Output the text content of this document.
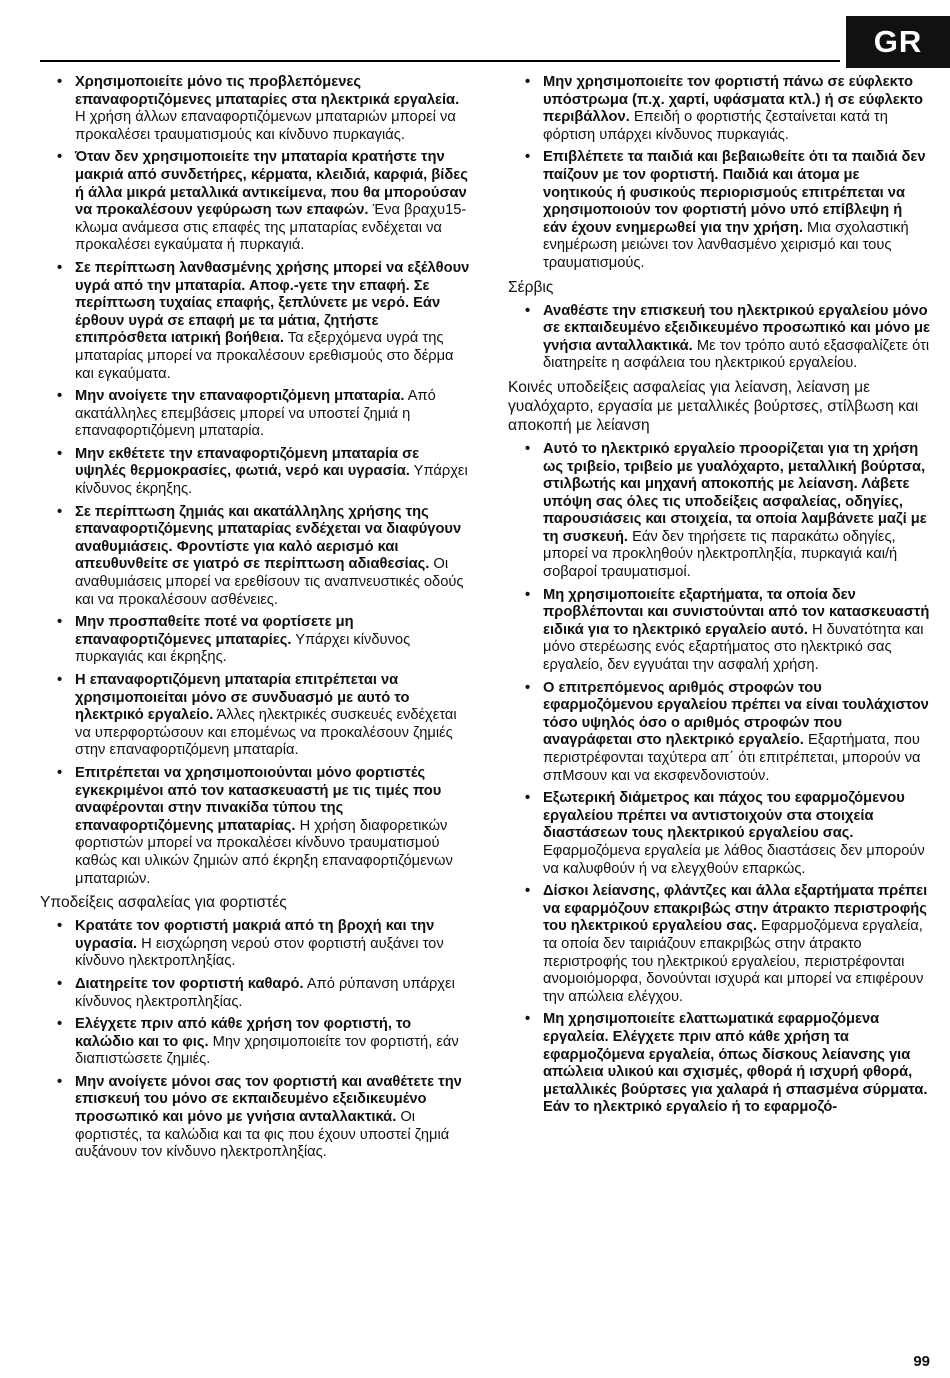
GR
• Χρησιμοποιείτε μόνο τις προβλεπόμενες επαναφορτιζόμενες μπαταρίες στα ηλεκτρικά εργαλεία. Η χρήση άλλων επαναφορτιζόμενων μπαταριών μπορεί να προκαλέσει τραυματισμούς και κίνδυνο πυρκαγιάς.
• Όταν δεν χρησιμοποιείτε την μπαταρία κρατήστε την μακριά από συνδετήρες, κέρματα, κλειδιά, καρφιά, βίδες ή άλλα μικρά μεταλλικά αντικείμενα, που θα μπορούσαν να προκαλέσουν γεφύρωση των επαφών. Ένα βραχυ15-κλωμα ανάμεσα στις επαφές της μπαταρίας ενδέχεται να προκαλέσει εγκαύματα ή πυρκαγιά.
• Σε περίπτωση λανθασμένης χρήσης μπορεί να εξέλθουν υγρά από την μπαταρία. Αποφ.-γετε την επαφή. Σε περίπτωση τυχαίας επαφής, ξεπλύνετε με νερό. Εάν έρθουν υγρά σε επαφή με τα μάτια, ζητήστε επιπρόσθετα ιατρική βοήθεια. Τα εξερχόμενα υγρά της μπαταρίας μπορεί να προκαλέσουν ερεθισμούς στο δέρμα και εγκαύματα.
• Μην ανοίγετε την επαναφορτιζόμενη μπαταρία. Από ακατάλληλες επεμβάσεις μπορεί να υποστεί ζημιά η επαναφορτιζόμενη μπαταρία.
• Μην εκθέτετε την επαναφορτιζόμενη μπαταρία σε υψηλές θερμοκρασίες, φωτιά, νερό και υγρασία. Υπάρχει κίνδυνος έκρηξης.
• Σε περίπτωση ζημιάς και ακατάλληλης χρήσης της επαναφορτιζόμενης μπαταρίας ενδέχεται να διαφύγουν αναθυμιάσεις. Φροντίστε για καλό αερισμό και απευθυνθείτε σε γιατρό σε περίπτωση αδιαθεσίας. Οι αναθυμιάσεις μπορεί να ερεθίσουν τις αναπνευστικές οδούς και να προκαλέσουν ασθένειες.
• Μην προσπαθείτε ποτέ να φορτίσετε μη επαναφορτιζόμενες μπαταρίες. Υπάρχει κίνδυνος πυρκαγιάς και έκρηξης.
• Η επαναφορτιζόμενη μπαταρία επιτρέπεται να χρησιμοποιείται μόνο σε συνδυασμό με αυτό το ηλεκτρικό εργαλείο. Άλλες ηλεκτρικές συσκευές ενδέχεται να υπερφορτώσουν και επομένως να προκαλέσουν ζημιές στην επαναφορτιζόμενη μπαταρία.
• Επιτρέπεται να χρησιμοποιούνται μόνο φορτιστές εγκεκριμένοι από τον κατασκευαστή με τις τιμές που αναφέρονται στην πινακίδα τύπου της επαναφορτιζόμενης μπαταρίας. Η χρήση διαφορετικών φορτιστών μπορεί να προκαλέσει κίνδυνο τραυματισμού καθώς και υλικών ζημιών από έκρηξη επαναφορτιζόμενων μπαταριών.
Υποδείξεις ασφαλείας για φορτιστές
• Κρατάτε τον φορτιστή μακριά από τη βροχή και την υγρασία. Η εισχώρηση νερού στον φορτιστή αυξάνει τον κίνδυνο ηλεκτροπληξίας.
• Διατηρείτε τον φορτιστή καθαρό. Από ρύπανση υπάρχει κίνδυνος ηλεκτροπληξίας.
• Ελέγχετε πριν από κάθε χρήση τον φορτιστή, το καλώδιο και το φις. Μην χρησιμοποιείτε τον φορτιστή, εάν διαπιστώσετε ζημιές.
• Μην ανοίγετε μόνοι σας τον φορτιστή και αναθέτετε την επισκευή του μόνο σε εκπαιδευμένο εξειδικευμένο προσωπικό και μόνο με γνήσια ανταλλακτικά. Οι φορτιστές, τα καλώδια και τα φις που έχουν υποστεί ζημιά αυξάνουν τον κίνδυνο ηλεκτροπληξίας.
• Μην χρησιμοποιείτε τον φορτιστή πάνω σε εύφλεκτο υπόστρωμα (π.χ. χαρτί, υφάσματα κτλ.) ή σε εύφλεκτο περιβάλλον. Επειδή ο φορτιστής ζεσταίνεται κατά τη φόρτιση υπάρχει κίνδυνος πυρκαγιάς.
• Επιβλέπετε τα παιδιά και βεβαιωθείτε ότι τα παιδιά δεν παίζουν με τον φορτιστή. Παιδιά και άτομα με νοητικούς ή φυσικούς περιορισμούς επιτρέπεται να χρησιμοποιούν τον φορτιστή μόνο υπό επίβλεψη ή εάν έχουν ενημερωθεί για την χρήση. Μια σχολαστική ενημέρωση μειώνει τον λανθασμένο χειρισμό και τους τραυματισμούς.
Σέρβις
• Αναθέστε την επισκευή του ηλεκτρικού εργαλείου μόνο σε εκπαιδευμένο εξειδικευμένο προσωπικό και μόνο με γνήσια ανταλλακτικά. Με τον τρόπο αυτό εξασφαλίζετε ότι διατηρείτε η ασφάλεια του ηλεκτρικού εργαλείου.
Κοινές υποδείξεις ασφαλείας για λείανση, λείανση με γυαλόχαρτο, εργασία με μεταλλικές βούρτσες, στίλβωση και αποκοπή με λείανση
• Αυτό το ηλεκτρικό εργαλείο προορίζεται για τη χρήση ως τριβείο, τριβείο με γυαλόχαρτο, μεταλλική βούρτσα, στιλβωτής και μηχανή αποκοπής με λείανση. Λάβετε υπόψη σας όλες τις υποδείξεις ασφαλείας, οδηγίες, παρουσιάσεις και στοιχεία, τα οποία λαμβάνετε μαζί με τη συσκευή. Εάν δεν τηρήσετε τις παρακάτω οδηγίες, μπορεί να προκληθούν ηλεκτροπληξία, πυρκαγιά και/ή σοβαροί τραυματισμοί.
• Μη χρησιμοποιείτε εξαρτήματα, τα οποία δεν προβλέπονται και συνιστούνται από τον κατασκευαστή ειδικά για το ηλεκτρικό εργαλείο αυτό. Η δυνατότητα και μόνο στερέωσης ενός εξαρτήματος στο ηλεκτρικό σας εργαλείο, δεν εγγυάται την ασφαλή χρήση.
• Ο επιτρεπόμενος αριθμός στροφών του εφαρμοζόμενου εργαλείου πρέπει να είναι τουλάχιστον τόσο υψηλός όσο ο αριθμός στροφών που αναγράφεται στο ηλεκτρικό εργαλείο. Εξαρτήματα, που περιστρέφονται ταχύτερα απ΄ ότι επιτρέπεται, μπορούν να σπΜσουν και να εκσφενδονιστούν.
• Εξωτερική διάμετρος και πάχος του εφαρμοζόμενου εργαλείου πρέπει να αντιστοιχούν στα στοιχεία διαστάσεων τους ηλεκτρικού εργαλείου σας. Εφαρμοζόμενα εργαλεία με λάθος διαστάσεις δεν μπορούν να καλυφθούν ή να ελεγχθούν επαρκώς.
• Δίσκοι λείανσης, φλάντζες και άλλα εξαρτήματα πρέπει να εφαρμόζουν επακριβώς στην άτρακτο περιστροφής του ηλεκτρικού εργαλείου σας. Εφαρμοζόμενα εργαλεία, τα οποία δεν ταιριάζουν επακριβώς στην άτρακτο περιστροφής του ηλεκτρικού εργαλείου, περιστρέφονται ανομοιόμορφα, δονούνται ισχυρά και μπορεί να επιφέρουν την απώλεια ελέγχου.
• Μη χρησιμοποιείτε ελαττωματικά εφαρμοζόμενα εργαλεία. Ελέγχετε πριν από κάθε χρήση τα εφαρμοζόμενα εργαλεία, όπως δίσκους λείανσης για απώλεια υλικού και σχισμές, φθορά ή ισχυρή φθορά, μεταλλικές βούρτσες για χαλαρά ή σπασμένα σύρματα. Εάν το ηλεκτρικό εργαλείο ή το εφαρμοζό-
99
